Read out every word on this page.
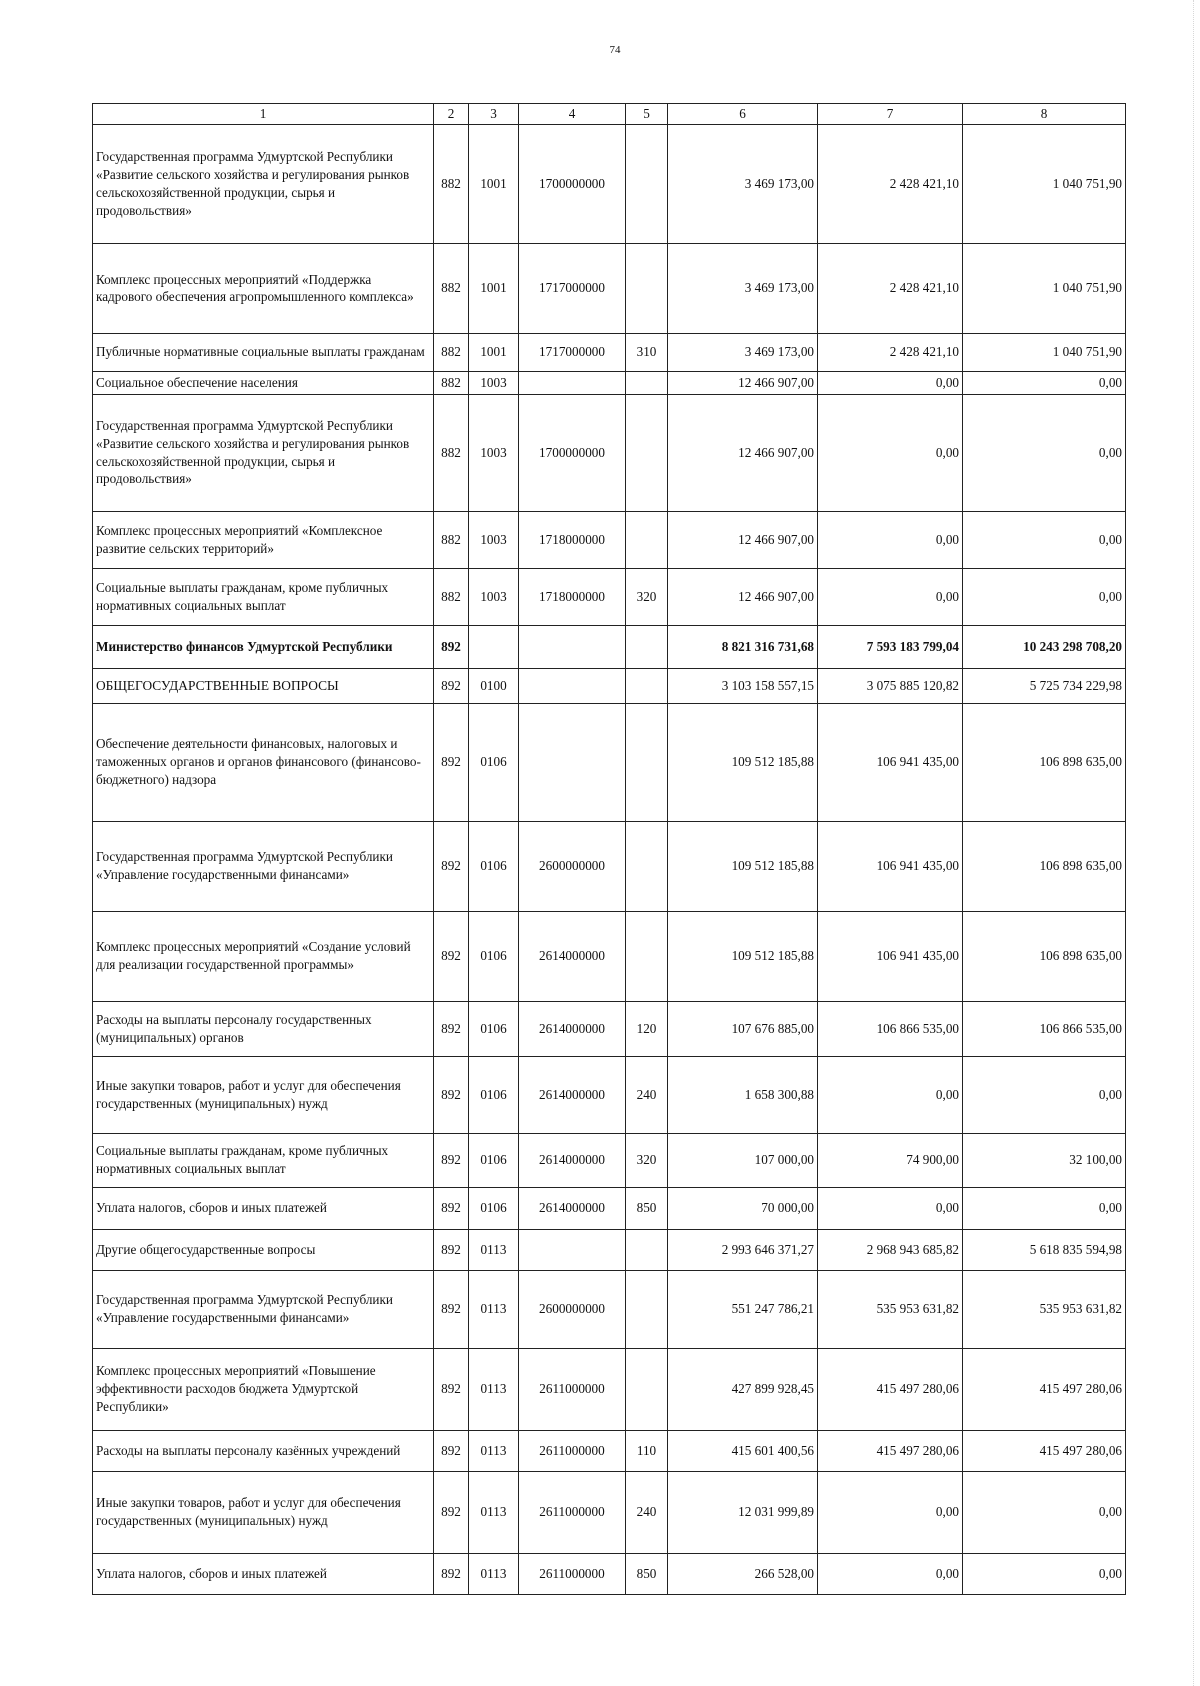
74
1	2	3	4	5	6	7	8
Государственная программа Удмуртской Республики «Развитие сельского хозяйства и регулирования рынков сельскохозяйственной продукции, сырья и продовольствия»	882	1001	1700000000		3 469 173,00	2 428 421,10	1 040 751,90
Комплекс процессных мероприятий «Поддержка кадрового обеспечения агропромышленного комплекса»	882	1001	1717000000		3 469 173,00	2 428 421,10	1 040 751,90
Публичные нормативные социальные выплаты гражданам	882	1001	1717000000	310	3 469 173,00	2 428 421,10	1 040 751,90
Социальное обеспечение населения	882	1003			12 466 907,00	0,00	0,00
Государственная программа Удмуртской Республики «Развитие сельского хозяйства и регулирования рынков сельскохозяйственной продукции, сырья и продовольствия»	882	1003	1700000000		12 466 907,00	0,00	0,00
Комплекс процессных мероприятий «Комплексное развитие сельских территорий»	882	1003	1718000000		12 466 907,00	0,00	0,00
Социальные выплаты гражданам, кроме публичных нормативных социальных выплат	882	1003	1718000000	320	12 466 907,00	0,00	0,00
Министерство финансов Удмуртской Республики	892				8 821 316 731,68	7 593 183 799,04	10 243 298 708,20
ОБЩЕГОСУДАРСТВЕННЫЕ ВОПРОСЫ	892	0100			3 103 158 557,15	3 075 885 120,82	5 725 734 229,98
Обеспечение деятельности финансовых, налоговых и таможенных органов и органов финансового (финансово-бюджетного) надзора	892	0106			109 512 185,88	106 941 435,00	106 898 635,00
Государственная программа Удмуртской Республики «Управление государственными финансами»	892	0106	2600000000		109 512 185,88	106 941 435,00	106 898 635,00
Комплекс процессных мероприятий «Создание условий для реализации государственной программы»	892	0106	2614000000		109 512 185,88	106 941 435,00	106 898 635,00
Расходы на выплаты персоналу государственных (муниципальных) органов	892	0106	2614000000	120	107 676 885,00	106 866 535,00	106 866 535,00
Иные закупки товаров, работ и услуг для обеспечения государственных (муниципальных) нужд	892	0106	2614000000	240	1 658 300,88	0,00	0,00
Социальные выплаты гражданам, кроме публичных нормативных социальных выплат	892	0106	2614000000	320	107 000,00	74 900,00	32 100,00
Уплата налогов, сборов и иных платежей	892	0106	2614000000	850	70 000,00	0,00	0,00
Другие общегосударственные вопросы	892	0113			2 993 646 371,27	2 968 943 685,82	5 618 835 594,98
Государственная программа Удмуртской Республики «Управление государственными финансами»	892	0113	2600000000		551 247 786,21	535 953 631,82	535 953 631,82
Комплекс процессных мероприятий «Повышение эффективности расходов бюджета Удмуртской Республики»	892	0113	2611000000		427 899 928,45	415 497 280,06	415 497 280,06
Расходы на выплаты персоналу казённых учреждений	892	0113	2611000000	110	415 601 400,56	415 497 280,06	415 497 280,06
Иные закупки товаров, работ и услуг для обеспечения государственных (муниципальных) нужд	892	0113	2611000000	240	12 031 999,89	0,00	0,00
Уплата налогов, сборов и иных платежей	892	0113	2611000000	850	266 528,00	0,00	0,00
